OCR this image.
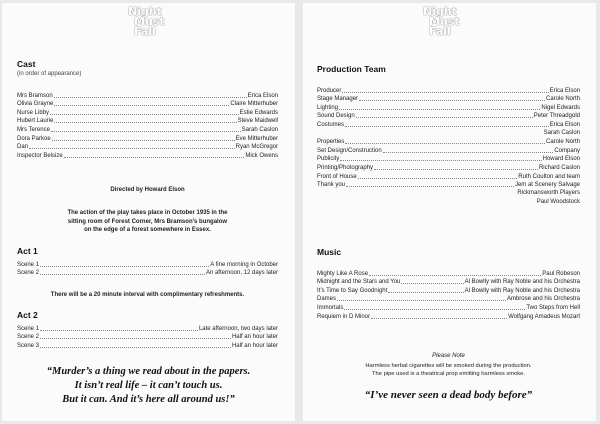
Night
Must
Fall
Cast
(in order of appearance)
Mrs Bramson	Erica Elson
Olivia Grayne	Claire Mitterhuber
Nurse Libby	Estie Edwards
Hubert Laurie	Steve Maidwell
Mrs Terence	Sarah Caslon
Dora Parkoe	Eve Mitterhuber
Dan	Ryan McGregor
Inspector Belsize	Mick Owens
Directed by Howard Elson
The action of the play takes place in October 1935 in the
sitting room of Forest Corner, Mrs Bramson’s bungalow
on the edge of a forest somewhere in Essex.
Act 1
Scene 1	A fine morning in October
Scene 2	An afternoon, 12 days later
There will be a 20 minute interval with complimentary refreshments.
Act 2
Scene 1	Late afternoon, two days later
Scene 2	Half an hour later
Scene 3	Half an hour later
“Murder’s a thing we read about in the papers.
It isn’t real life – it can’t touch us.
But it can. And it’s here all around us!”
Night
Must
Fall
Production Team
Producer	Erica Elson
Stage Manager	Carole North
Lighting	Nigel Edwards
Sound Design	Peter Threadgold
Costumes	Erica Elson
Sarah Caslon
Properties	Carole North
Set Design/Construction	Company
Publicity	Howard Elson
Printing/Photography	Richard Caslon
Front of House	Ruth Coulton and team
Thank you	Jem at Scenery Salvage
Rickmansworth Players
Paul Woodstock
Music
Mighty Like A Rose	Paul Robeson
Midnight and the Stars and You	Al Bowlly with Ray Noble and his Orchestra
It’s Time to Say Goodnight	Al Bowlly with Ray Noble and his Orchestra
Dames	Ambrose and his Orchestra
Immortals	Two Steps from Hell
Requiem in D Minor	Wolfgang Amadeus Mozart
Please Note
Harmless herbal cigarettes will be smoked during the production.
The pipe used is a theatrical prop emitting harmless smoke.
“I’ve never seen a dead body before”
